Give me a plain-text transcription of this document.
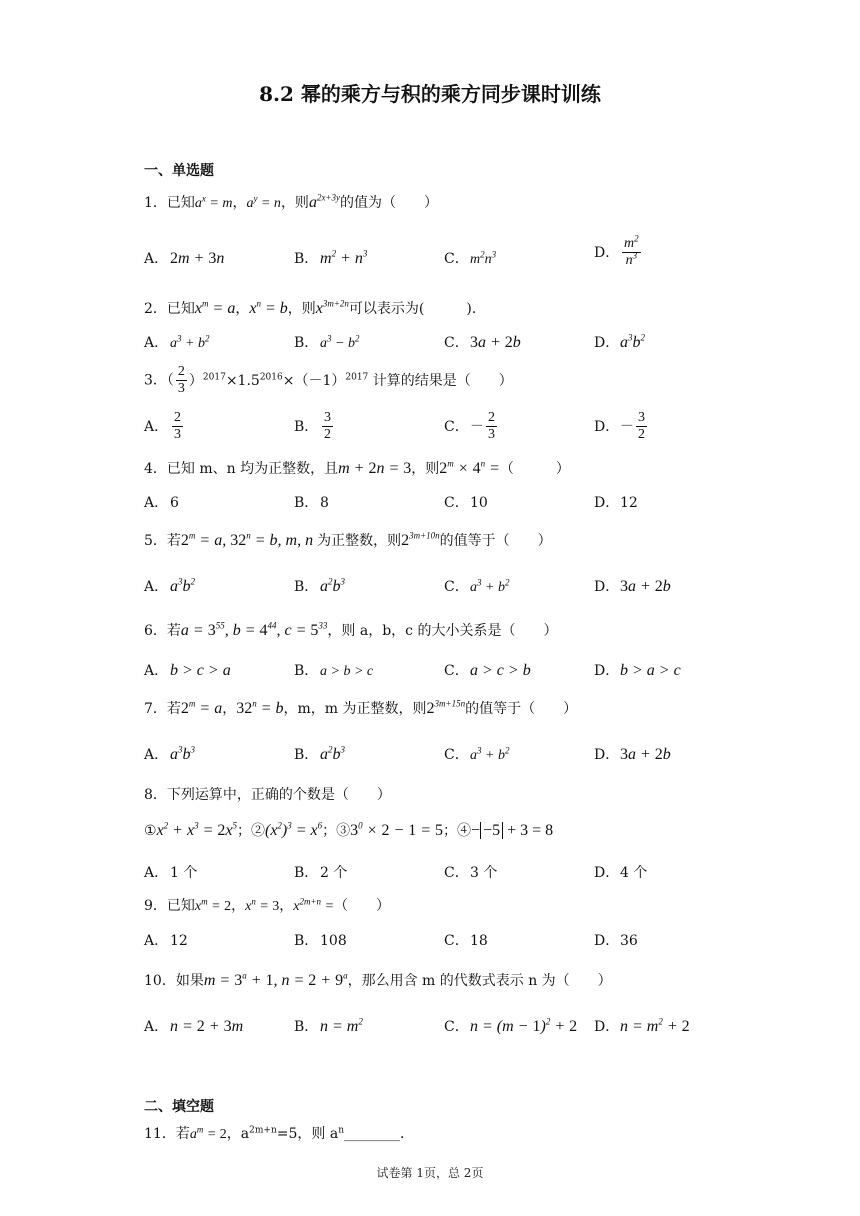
8.2 幂的乘方与积的乘方同步课时训练
一、单选题
1．已知$a^x = m$，$a^y = n$，则$a^{2x+3y}$的值为（　　）
A． 2m + 3n	B． $m^2 + n^3$	C．$m^2n^3$	D． $\frac{m^2}{n^3}$
2．已知$x^m = a$，$x^n = b$，则$x^{3m+2n}$可以表示为(　　　)．
A． $a^3 + b^2$	B． $a^3 - b^2$	C．3a + 2b	D．$a^3b^2$
3．（ $\frac{2}{3} )^{2017}\times 1.5^{2016}\times(-1)^{2017}$ 计算的结果是（　　）
A． $\frac{2}{3}$	B． $\frac{3}{2}$	C．－ $\frac{2}{3}$	D．－ $\frac{3}{2}$
4．已知 m、n 均为正整数，且m + 2n = 3，则$2^m \times 4^n$ =（　　　）
A． 6	B． 8	C．10	D．12
5．若$2^m = a$, $32^n = b$, m, n 为正整数，则$2^{3m+10n}$的值等于（　　）
A． $a^3b^2$	B． $a^2b^3$	C．$a^3 + b^2$	D．3a + 2b
6．若$a = 3^{55}$, $b = 4^{44}$, $c = 5^{33}$，则 a，b，c 的大小关系是（　　）
A． b > c > a	B． a > b > c	C．a > c > b	D．b > a > c
7．若$2^m = a$，$32^n = b$，m，m 为正整数，则$2^{3m+15n}$的值等于（　　）
A． $a^3b^3$	B． $a^2b^3$	C．$a^3 + b^2$	D．3a + 2b
8．下列运算中，正确的个数是（　　）
$①x^2 + x^3 = 2x^5$；$②(x^2)^3 = x^6$；$③3^0 \times 2 - 1 = 5$；④− −5 + 3 = 8
A． 1 个	B． 2 个	C．3 个	D．4 个
9．已知$x^m = 2$，$x^n = 3$，$x^{2m+n}$ =（　　）
A． 12	B． 108	C．18	D．36
10．如果$m = 3^a + 1$, $n = 2 + 9^a$，那么用含 m 的代数式表示 n 为（　　）
A． n = 2 + 3m	B． $n = m^2$	C．$n = (m - 1)^2 + 2$ D．$n = m^2 + 2$
二、填空题
11．若$a^m = 2$，$a^{2m+n}=5$，则 $a^n\_\_\_\_\_\_\_\_$．
试卷第 1页，总 2页
